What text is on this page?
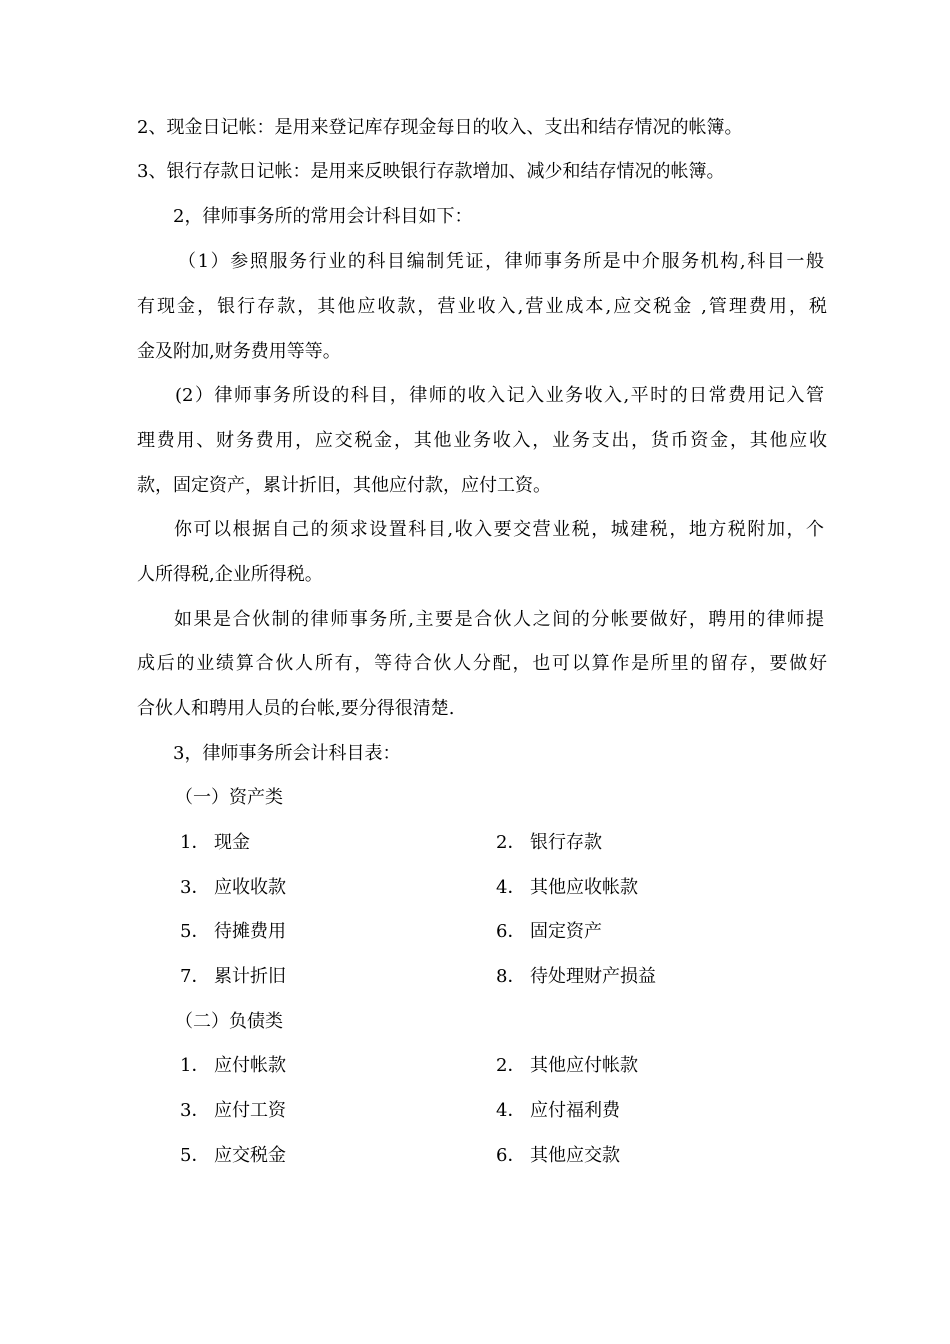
2、现金日记帐：是用来登记库存现金每日的收入、支出和结存情况的帐簿。
3、银行存款日记帐：是用来反映银行存款增加、减少和结存情况的帐簿。
2，律师事务所的常用会计科目如下：
（1）参照服务行业的科目编制凭证，律师事务所是中介服务机构,科目一般
有现金，银行存款，其他应收款，营业收入,营业成本,应交税金 ,管理费用，税
金及附加,财务费用等等。
(2）律师事务所设的科目，律师的收入记入业务收入,平时的日常费用记入管
理费用、财务费用，应交税金，其他业务收入，业务支出，货币资金，其他应收
款，固定资产，累计折旧，其他应付款，应付工资。
你可以根据自己的须求设置科目,收入要交营业税，城建税，地方税附加，个
人所得税,企业所得税。
如果是合伙制的律师事务所,主要是合伙人之间的分帐要做好，聘用的律师提
成后的业绩算合伙人所有，等待合伙人分配，也可以算作是所里的留存，要做好
合伙人和聘用人员的台帐,要分得很清楚.
3，律师事务所会计科目表：
（一）资产类
1． 现金	2． 银行存款
3． 应收收款	4． 其他应收帐款
5． 待摊费用	6． 固定资产
7． 累计折旧	8． 待处理财产损益
（二）负债类
1． 应付帐款	2． 其他应付帐款
3． 应付工资	4． 应付福利费
5． 应交税金	6． 其他应交款
